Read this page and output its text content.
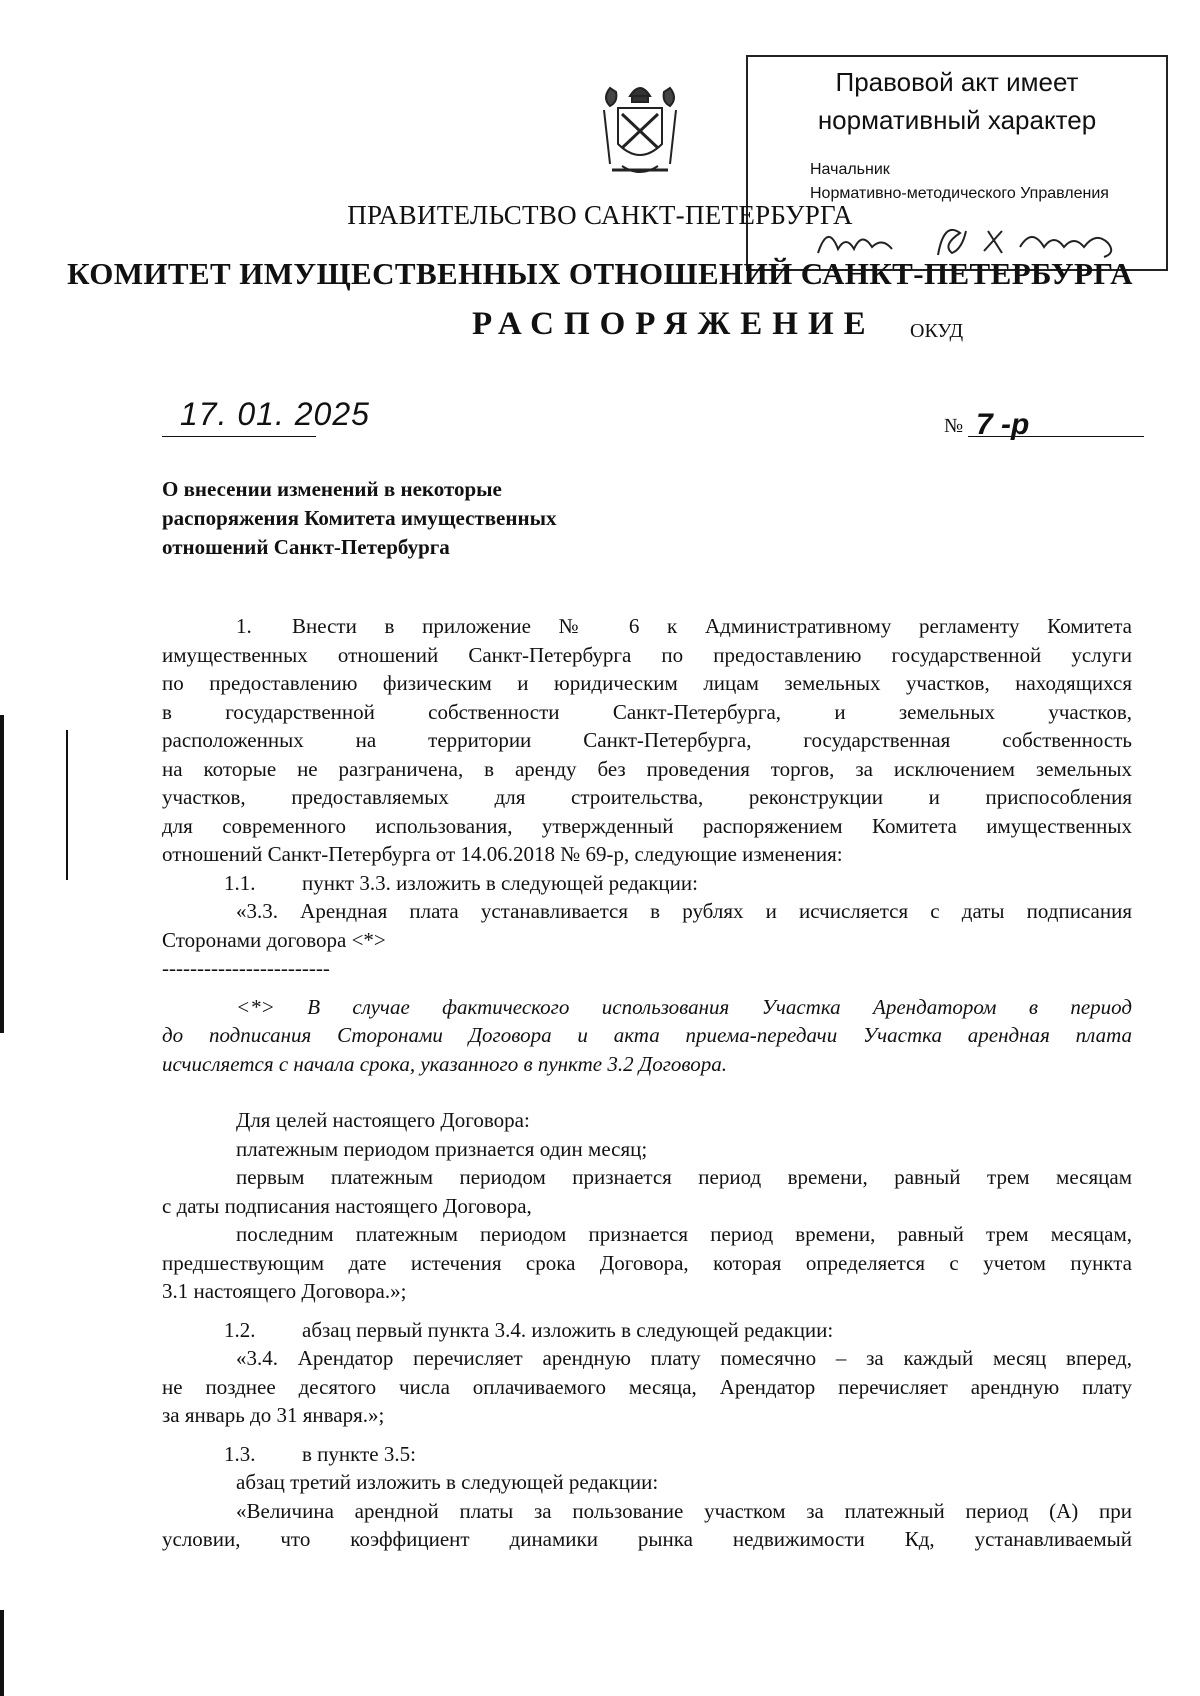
Правовой акт имеет
нормативный характер
Начальник
Нормативно-методического Управления
ПРАВИТЕЛЬСТВО САНКТ-ПЕТЕРБУРГА
КОМИТЕТ ИМУЩЕСТВЕННЫХ ОТНОШЕНИЙ САНКТ-ПЕТЕРБУРГА
РАСПОРЯЖЕНИЕ ОКУД
17. 01. 2025	№ 7 -р
О внесении изменений в некоторые
распоряжения Комитета имущественных
отношений Санкт-Петербурга
1. Внести в приложение № 6 к Административному регламенту Комитета
имущественных отношений Санкт-Петербурга по предоставлению государственной услуги
по предоставлению физическим и юридическим лицам земельных участков, находящихся
в государственной собственности Санкт-Петербурга, и земельных участков,
расположенных на территории Санкт-Петербурга, государственная собственность
на которые не разграничена, в аренду без проведения торгов, за исключением земельных
участков, предоставляемых для строительства, реконструкции и приспособления
для современного использования, утвержденный распоряжением Комитета имущественных
отношений Санкт-Петербурга от 14.06.2018 № 69-р, следующие изменения:
1.1. пункт 3.3. изложить в следующей редакции:
«3.3. Арендная плата устанавливается в рублях и исчисляется с даты подписания
Сторонами договора <*>
------------------------
<*> В случае фактического использования Участка Арендатором в период
до подписания Сторонами Договора и акта приема-передачи Участка арендная плата
исчисляется с начала срока, указанного в пункте 3.2 Договора.
Для целей настоящего Договора:
платежным периодом признается один месяц;
первым платежным периодом признается период времени, равный трем месяцам
с даты подписания настоящего Договора,
последним платежным периодом признается период времени, равный трем месяцам,
предшествующим дате истечения срока Договора, которая определяется с учетом пункта
3.1 настоящего Договора.»;
1.2. абзац первый пункта 3.4. изложить в следующей редакции:
«3.4. Арендатор перечисляет арендную плату помесячно – за каждый месяц вперед,
не позднее десятого числа оплачиваемого месяца, Арендатор перечисляет арендную плату
за январь до 31 января.»;
1.3. в пункте 3.5:
абзац третий изложить в следующей редакции:
«Величина арендной платы за пользование участком за платежный период (А) при
условии, что коэффициент динамики рынка недвижимости Кд, устанавливаемый
